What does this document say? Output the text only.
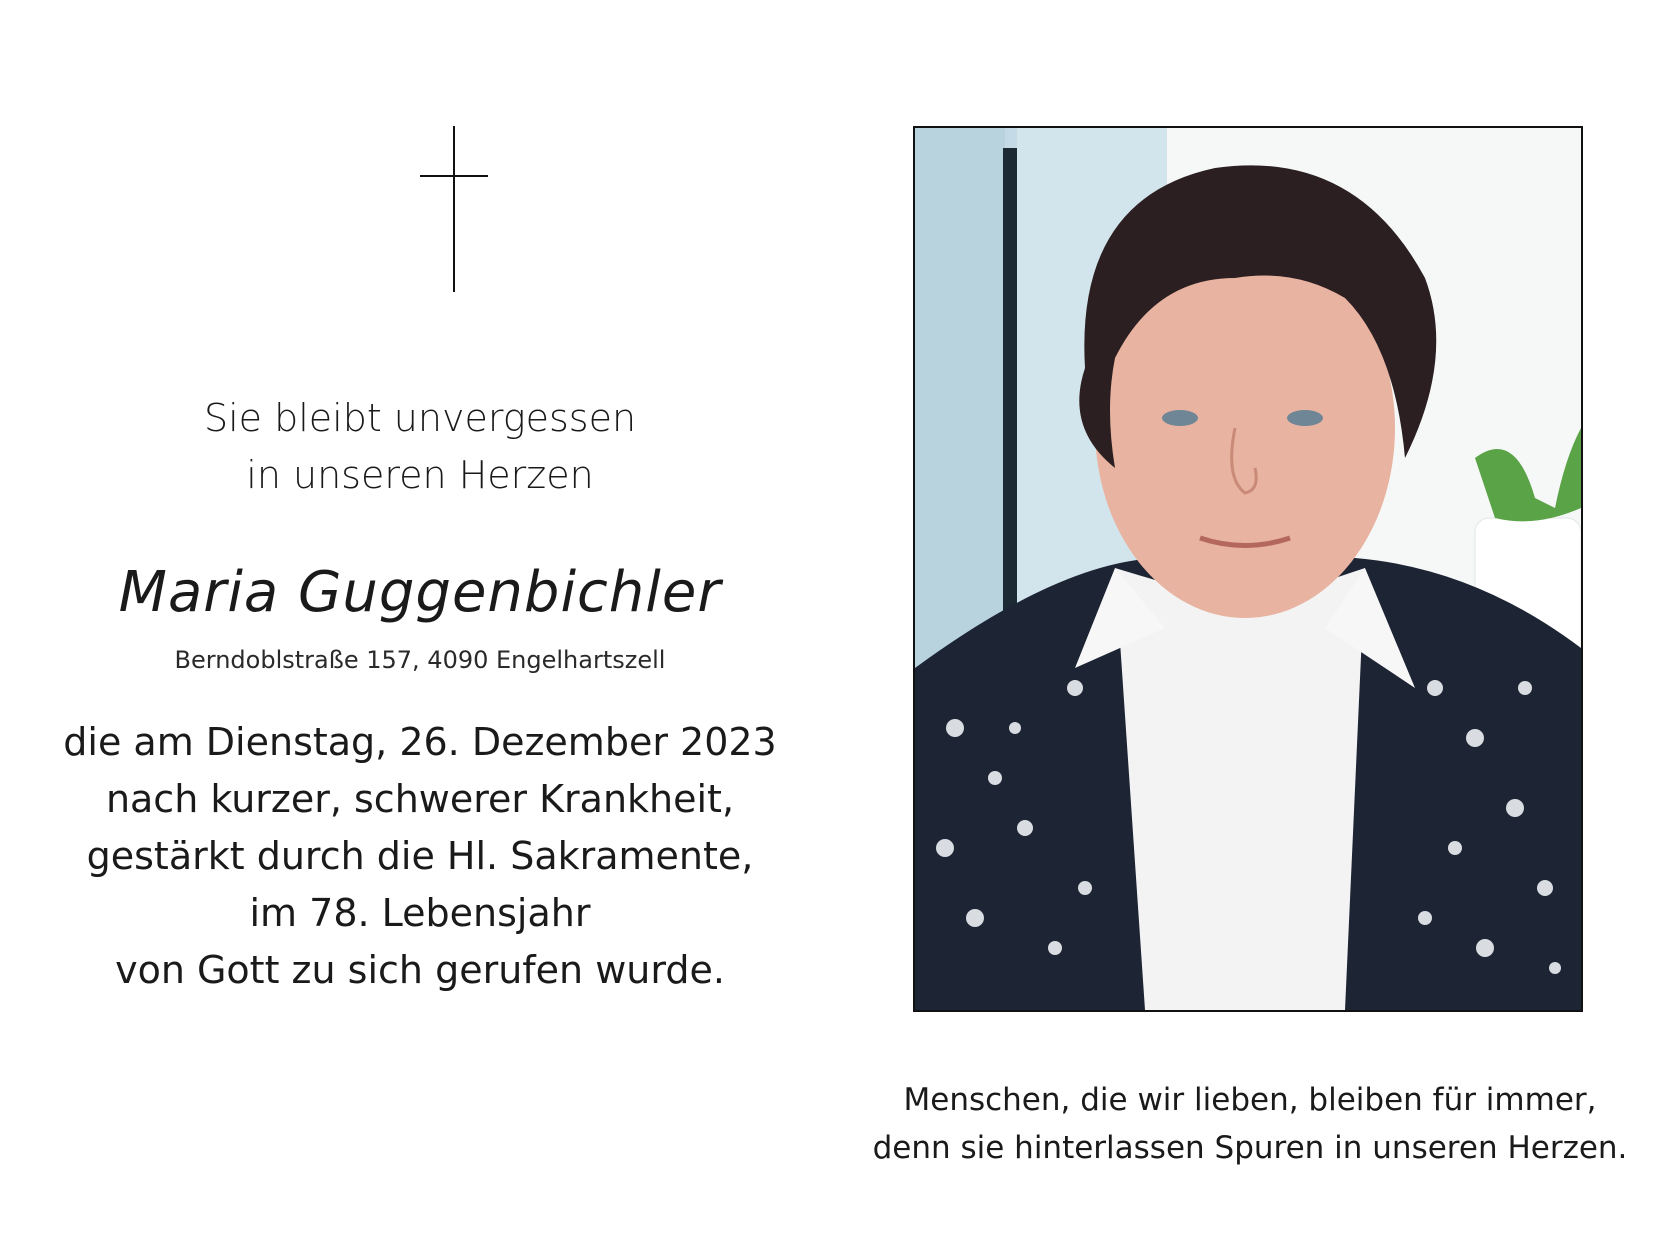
Sie bleibt unvergessen
in unseren Herzen
Maria Guggenbichler
Berndoblstraße 157, 4090 Engelhartszell
die am Dienstag, 26. Dezember 2023
nach kurzer, schwerer Krankheit,
gestärkt durch die Hl. Sakramente,
im 78. Lebensjahr
von Gott zu sich gerufen wurde.
Menschen, die wir lieben, bleiben für immer,
denn sie hinterlassen Spuren in unseren Herzen.
